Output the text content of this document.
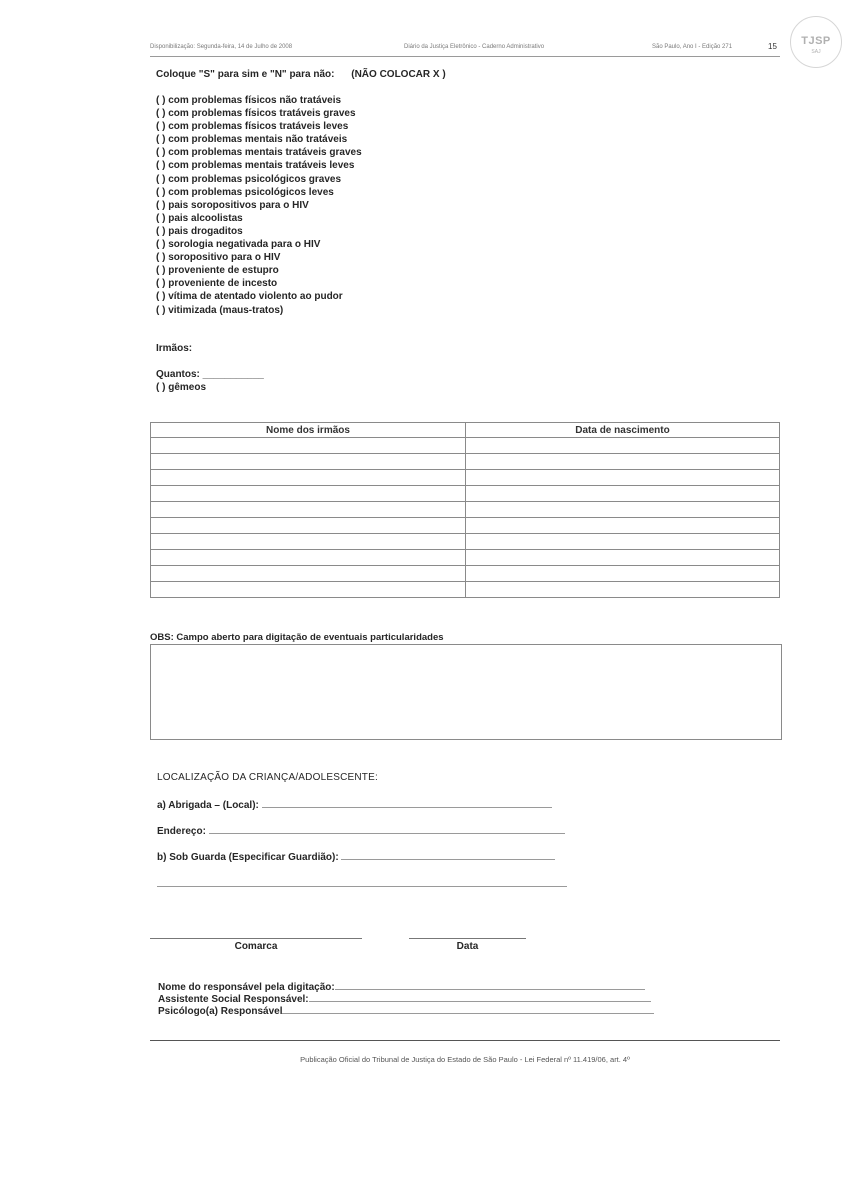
Disponibilização: Segunda-feira, 14 de Julho de 2008	Diário da Justiça Eletrônico - Caderno Administrativo	São Paulo, Ano I - Edição 271	15	TJSP
SAJ
Coloque "S" para sim e "N" para não: (NÃO COLOCAR X )
( ) com problemas físicos não tratáveis
( ) com problemas físicos tratáveis graves
( ) com problemas físicos tratáveis leves
( ) com problemas mentais não tratáveis
( ) com problemas mentais tratáveis graves
( ) com problemas mentais tratáveis leves
( ) com problemas psicológicos graves
( ) com problemas psicológicos leves
( ) pais soropositivos para o HIV
( ) pais alcoolistas
( ) pais drogaditos
( ) sorologia negativada para o HIV
( ) soropositivo para o HIV
( ) proveniente de estupro
( ) proveniente de incesto
( ) vítima de atentado violento ao pudor
( ) vitimizada (maus-tratos)
Irmãos:
Quantos: ___________
( ) gêmeos
Nome dos irmãos	Data de nascimento

OBS: Campo aberto para digitação de eventuais particularidades
LOCALIZAÇÃO DA CRIANÇA/ADOLESCENTE:
a) Abrigada – (Local):
Endereço:
b) Sob Guarda (Especificar Guardião):
Comarca	Data
Nome do responsável pela digitação:
Assistente Social Responsável:
Psicólogo(a) Responsável
Publicação Oficial do Tribunal de Justiça do Estado de São Paulo - Lei Federal nº 11.419/06, art. 4º
